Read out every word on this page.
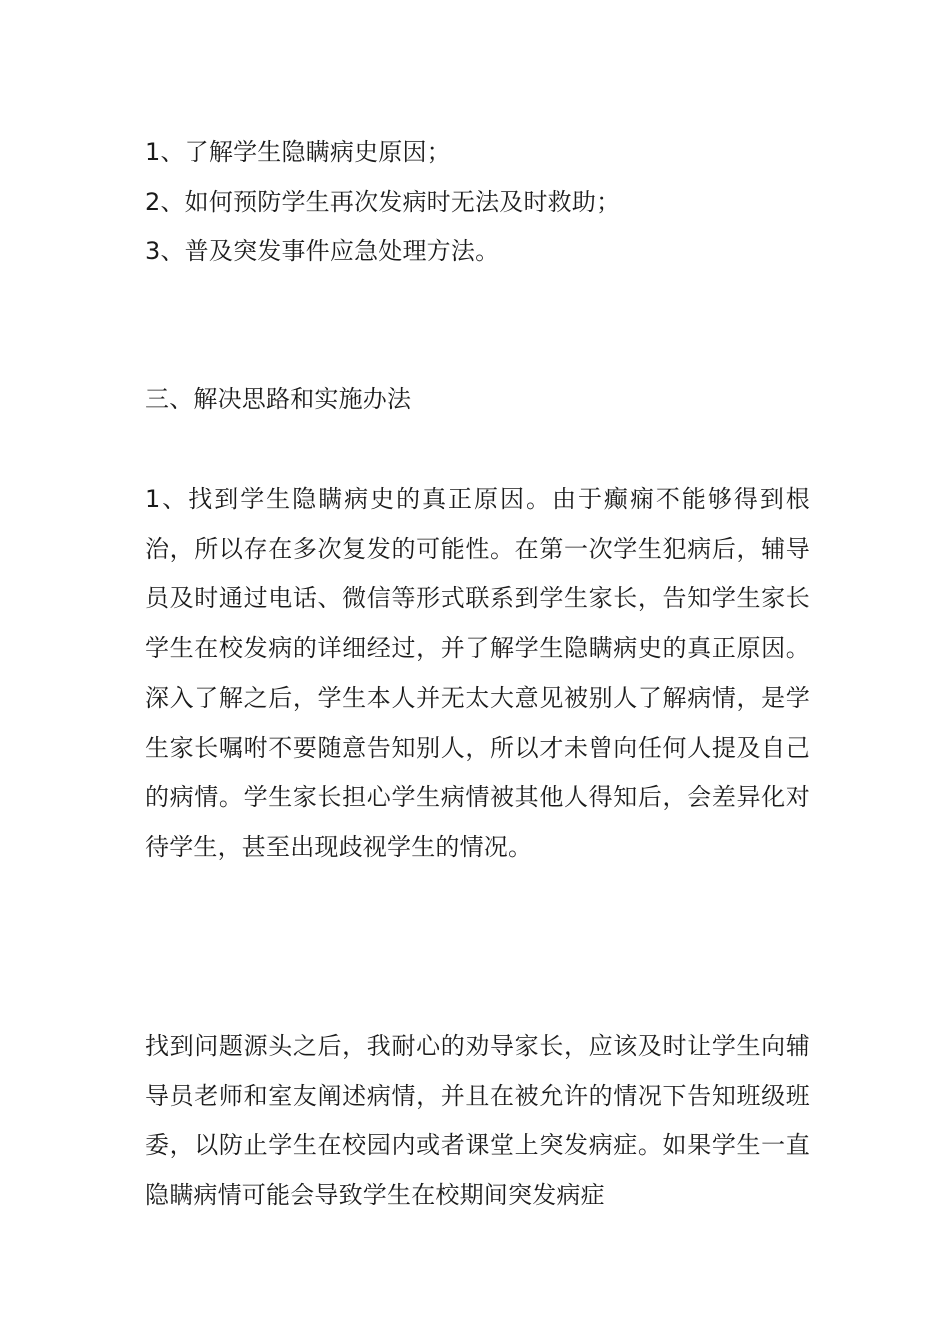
1、了解学生隐瞒病史原因；
2、如何预防学生再次发病时无法及时救助；
3、普及突发事件应急处理方法。
三、解决思路和实施办法

1、找到学生隐瞒病史的真正原因。由于癫痫不能够得到根治，所以存在多次复发的可能性。在第一次学生犯病后，辅导员及时通过电话、微信等形式联系到学生家长，告知学生家长学生在校发病的详细经过，并了解学生隐瞒病史的真正原因。深入了解之后，学生本人并无太大意见被别人了解病情，是学生家长嘱咐不要随意告知别人，所以才未曾向任何人提及自己的病情。学生家长担心学生病情被其他人得知后，会差异化对待学生，甚至出现歧视学生的情况。

找到问题源头之后，我耐心的劝导家长，应该及时让学生向辅导员老师和室友阐述病情，并且在被允许的情况下告知班级班委，以防止学生在校园内或者课堂上突发病症。如果学生一直隐瞒病情可能会导致学生在校期间突发病症
